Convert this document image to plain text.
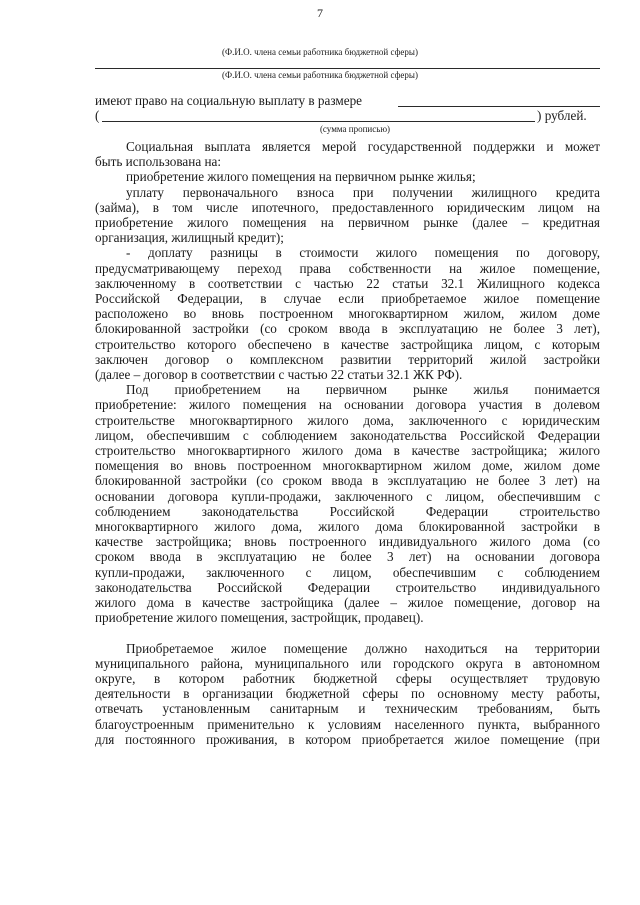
7
(Ф.И.О. члена семьи работника бюджетной сферы)
(Ф.И.О. члена семьи работника бюджетной сферы)
имеют право на социальную выплату в размере
(	) рублей.
(сумма прописью)
Социальная выплата является мерой государственной поддержки и может
быть использована на:
приобретение жилого помещения на первичном рынке жилья;
уплату первоначального взноса при получении жилищного кредита
(займа), в том числе ипотечного, предоставленного юридическим лицом на
приобретение жилого помещения на первичном рынке (далее – кредитная
организация, жилищный кредит);
- доплату разницы в стоимости жилого помещения по договору,
предусматривающему переход права собственности на жилое помещение,
заключенному в соответствии с частью 22 статьи 32.1 Жилищного кодекса
Российской Федерации, в случае если приобретаемое жилое помещение
расположено во вновь построенном многоквартирном жилом, жилом доме
блокированной застройки (со сроком ввода в эксплуатацию не более 3 лет),
строительство которого обеспечено в качестве застройщика лицом, с которым
заключен договор о комплексном развитии территорий жилой застройки
(далее – договор в соответствии с частью 22 статьи 32.1 ЖК РФ).
Под приобретением на первичном рынке жилья понимается
приобретение: жилого помещения на основании договора участия в долевом
строительстве многоквартирного жилого дома, заключенного с юридическим
лицом, обеспечившим с соблюдением законодательства Российской Федерации
строительство многоквартирного жилого дома в качестве застройщика; жилого
помещения во вновь построенном многоквартирном жилом доме, жилом доме
блокированной застройки (со сроком ввода в эксплуатацию не более 3 лет) на
основании договора купли-продажи, заключенного с лицом, обеспечившим с
соблюдением законодательства Российской Федерации строительство
многоквартирного жилого дома, жилого дома блокированной застройки в
качестве застройщика; вновь построенного индивидуального жилого дома (со
сроком ввода в эксплуатацию не более 3 лет) на основании договора
купли-продажи, заключенного с лицом, обеспечившим с соблюдением
законодательства Российской Федерации строительство индивидуального
жилого дома в качестве застройщика (далее – жилое помещение, договор на
приобретение жилого помещения, застройщик, продавец).
Приобретаемое жилое помещение должно находиться на территории
муниципального района, муниципального или городского округа в автономном
округе, в котором работник бюджетной сферы осуществляет трудовую
деятельности в организации бюджетной сферы по основному месту работы,
отвечать установленным санитарным и техническим требованиям, быть
благоустроенным применительно к условиям населенного пункта, выбранного
для постоянного проживания, в котором приобретается жилое помещение (при
